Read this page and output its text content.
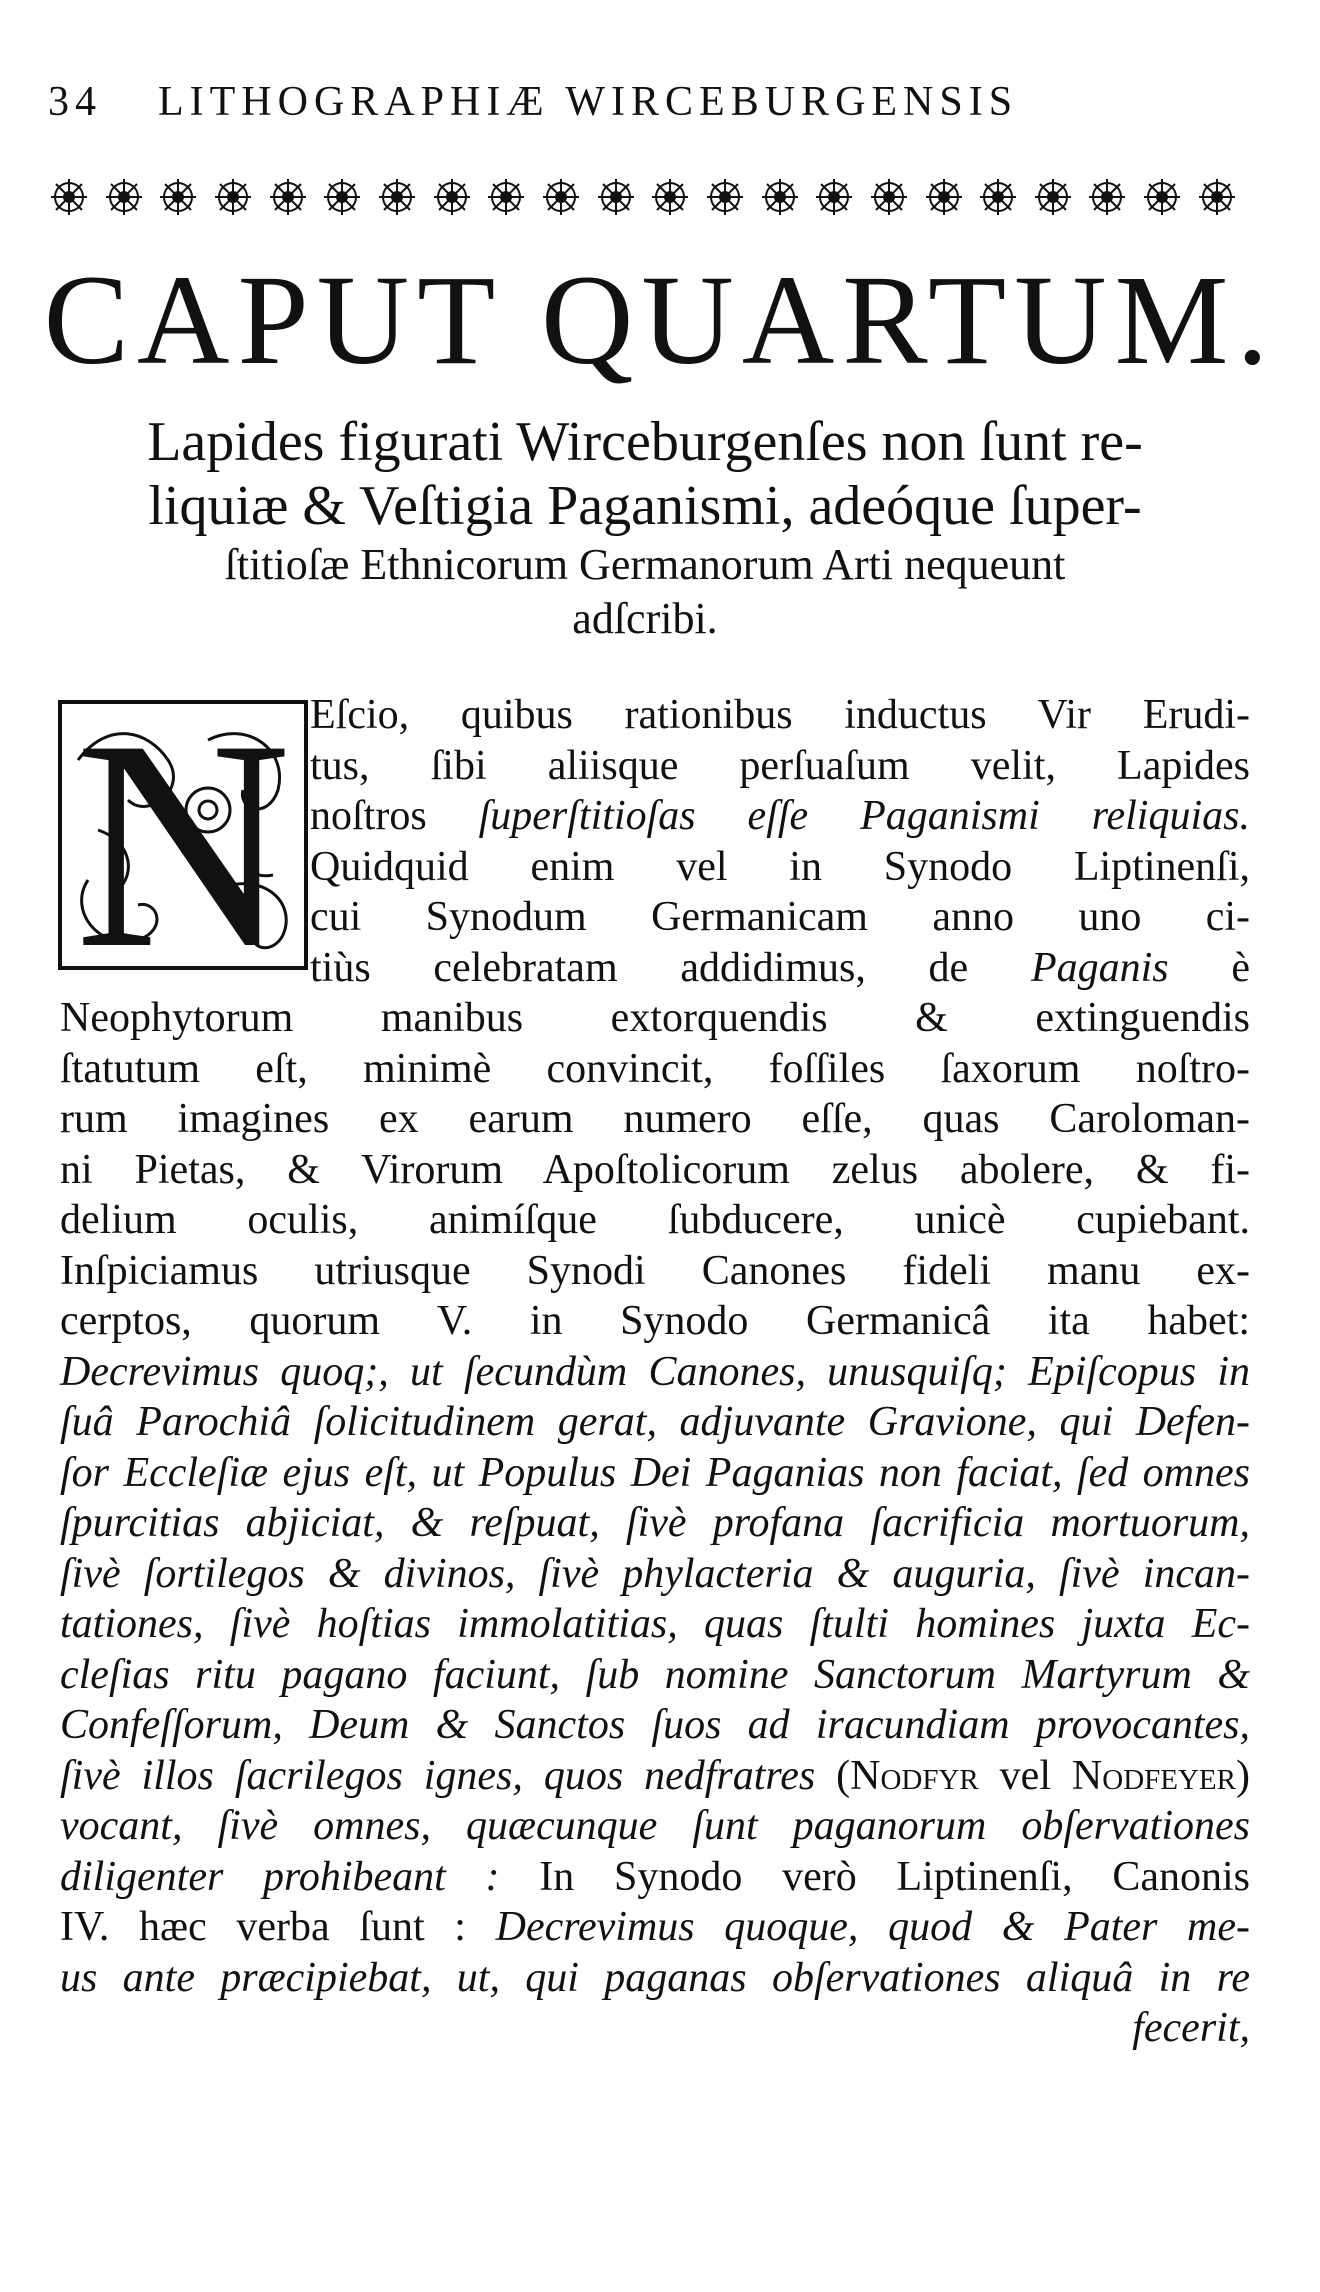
34 LITHOGRAPHIÆ WIRCEBURGENSIS
CAPUT QUARTUM.
Lapides figurati Wirceburgenſes non ſunt re-
liquiæ & Veſtigia Paganismi, adeóque ſuper-
ſtitioſæ Ethnicorum Germanorum Arti nequeunt
adſcribi.
N Eſcio, quibus rationibus inductus Vir Erudi-
tus, ſibi aliisque perſuaſum velit, Lapides
noſtros ſuperſtitioſas eſſe Paganismi reliquias.
Quidquid enim vel in Synodo Liptinenſi,
cui Synodum Germanicam anno uno ci-
tiùs celebratam addidimus, de Paganis è
Neophytorum manibus extorquendis & extinguendis
ſtatutum eſt, minimè convincit, foſſiles ſaxorum noſtro-
rum imagines ex earum numero eſſe, quas Caroloman-
ni Pietas, & Virorum Apoſtolicorum zelus abolere, & fi-
delium oculis, animíſque ſubducere, unicè cupiebant.
Inſpiciamus utriusque Synodi Canones fideli manu ex-
cerptos, quorum V. in Synodo Germanicâ ita habet:
Decrevimus quoq;, ut ſecundùm Canones, unusquiſq; Epiſcopus in
ſuâ Parochiâ ſolicitudinem gerat, adjuvante Gravione, qui Defen-
ſor Eccleſiæ ejus eſt, ut Populus Dei Paganias non faciat, ſed omnes
ſpurcitias abjiciat, & reſpuat, ſivè profana ſacrificia mortuorum,
ſivè ſortilegos & divinos, ſivè phylacteria & auguria, ſivè incan-
tationes, ſivè hoſtias immolatitias, quas ſtulti homines juxta Ec-
cleſias ritu pagano faciunt, ſub nomine Sanctorum Martyrum &
Confeſſorum, Deum & Sanctos ſuos ad iracundiam provocantes,
ſivè illos ſacrilegos ignes, quos nedfratres (Nodfyr vel Nodfeyer)
vocant, ſivè omnes, quæcunque ſunt paganorum obſervationes
diligenter prohibeant : In Synodo verò Liptinenſi, Canonis
IV. hæc verba ſunt : Decrevimus quoque, quod & Pater me-
us ante præcipiebat, ut, qui paganas obſervationes aliquâ in re
fecerit,
